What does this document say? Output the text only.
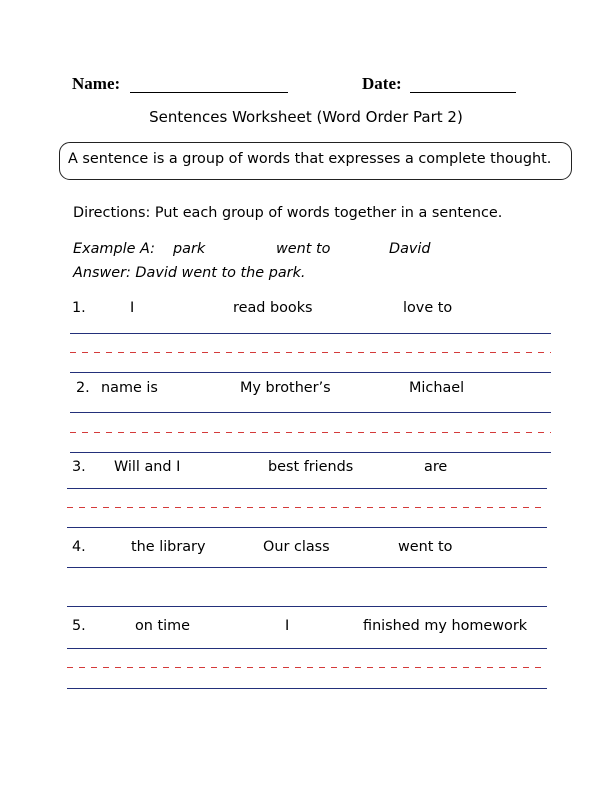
Name:	Date:
Sentences Worksheet (Word Order Part 2)
A sentence is a group of words that expresses a complete thought.
Directions: Put each group of words together in a sentence.
Example A: park	went to	David
Answer: David went to the park.
1.	I	read books	love to
2. name is	My brother’s	Michael
3. Will and I	best friends	are
4.	the library	Our class	went to
5.	on time	I	finished my homework
